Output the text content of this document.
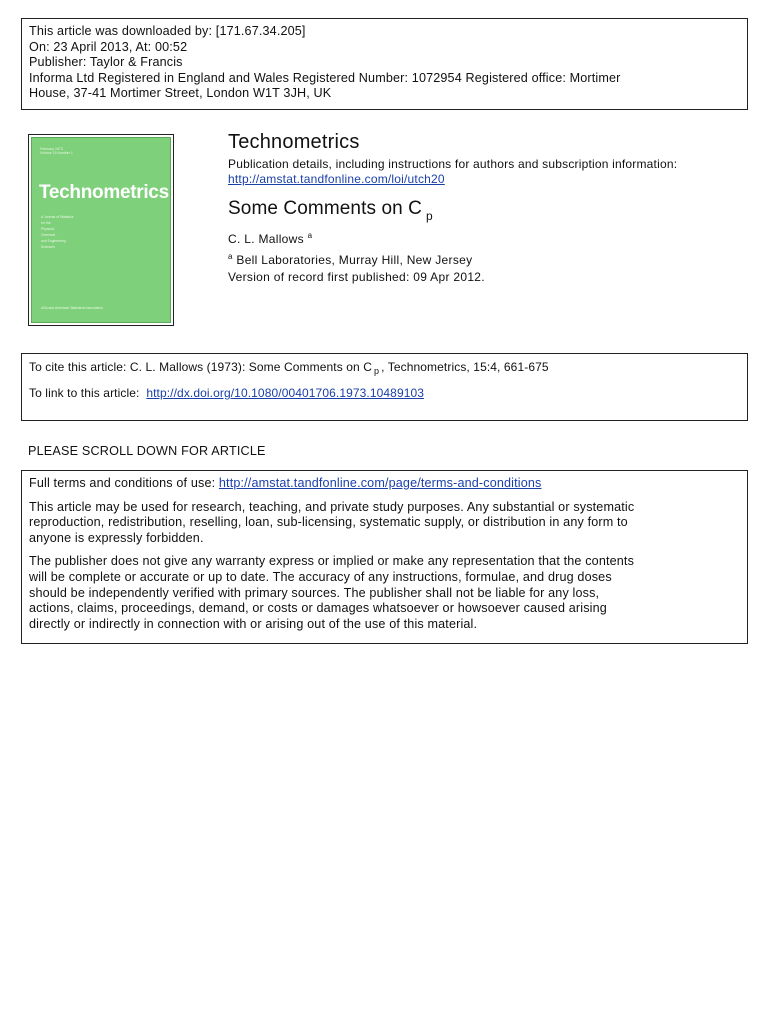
This article was downloaded by: [171.67.34.205]
On: 23 April 2013, At: 00:52
Publisher: Taylor & Francis
Informa Ltd Registered in England and Wales Registered Number: 1072954 Registered office: Mortimer
House, 37-41 Mortimer Street, London W1T 3JH, UK
February 1973
Volume 15 Number 1
Technometrics
A Journal of Statistics
for the
Physical,
Chemical
and Engineering
Sciences
ASA and American Statistical Association
Technometrics
Publication details, including instructions for authors and subscription information:
http://amstat.tandfonline.com/loi/utch20
Some Comments on C $_p$
C. L. Mallows $^a$
$^a$ Bell Laboratories, Murray Hill, New Jersey
Version of record first published: 09 Apr 2012.
To cite this article: C. L. Mallows (1973): Some Comments on C $_p$ , Technometrics, 15:4, 661-675
To link to this article: http://dx.doi.org/10.1080/00401706.1973.10489103
PLEASE SCROLL DOWN FOR ARTICLE

Full terms and conditions of use: http://amstat.tandfonline.com/page/terms-and-conditions

This article may be used for research, teaching, and private study purposes. Any substantial or systematic
reproduction, redistribution, reselling, loan, sub-licensing, systematic supply, or distribution in any form to
anyone is expressly forbidden.

The publisher does not give any warranty express or implied or make any representation that the contents
will be complete or accurate or up to date. The accuracy of any instructions, formulae, and drug doses
should be independently verified with primary sources. The publisher shall not be liable for any loss,
actions, claims, proceedings, demand, or costs or damages whatsoever or howsoever caused arising
directly or indirectly in connection with or arising out of the use of this material.
